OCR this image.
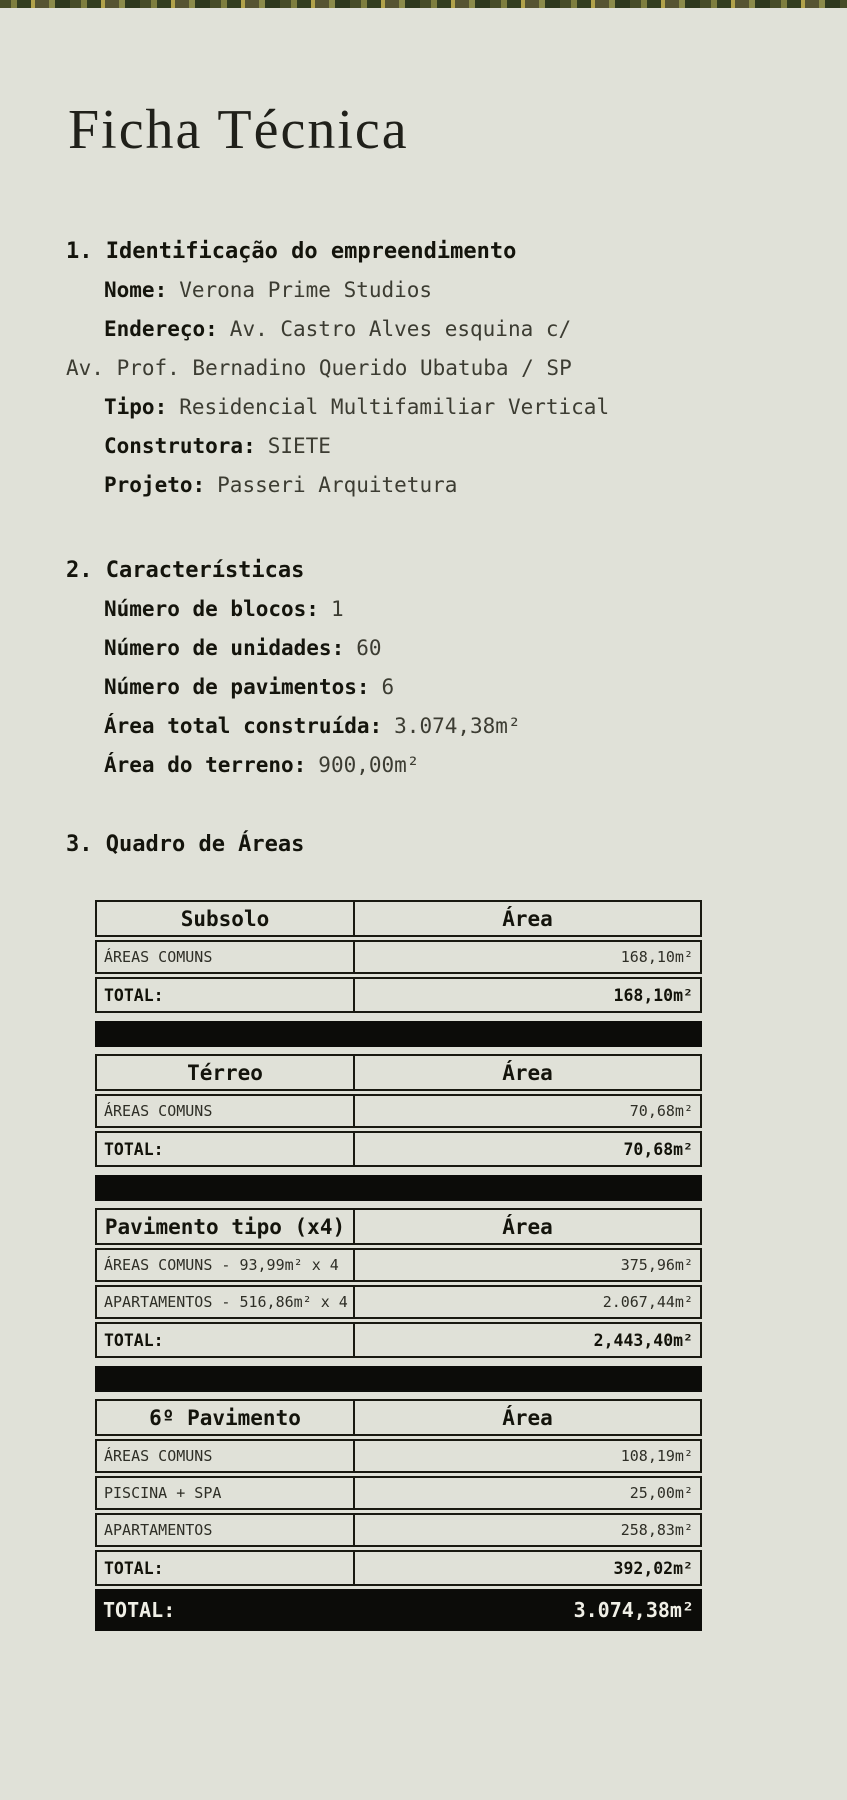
Ficha Técnica
1. Identificação do empreendimento
Nome: Verona Prime Studios
Endereço: Av. Castro Alves esquina c/
Av. Prof. Bernadino Querido Ubatuba / SP
Tipo: Residencial Multifamiliar Vertical
Construtora: SIETE
Projeto: Passeri Arquitetura
2. Características
Número de blocos: 1
Número de unidades: 60
Número de pavimentos: 6
Área total construída: 3.074,38m²
Área do terreno: 900,00m²
3. Quadro de Áreas
Subsolo	Área
ÁREAS COMUNS	168,10m²
TOTAL:	168,10m²
Térreo	Área
ÁREAS COMUNS	70,68m²
TOTAL:	70,68m²
Pavimento tipo (x4)	Área
ÁREAS COMUNS - 93,99m² x 4	375,96m²
APARTAMENTOS - 516,86m² x 4	2.067,44m²
TOTAL:	2,443,40m²
6º Pavimento	Área
ÁREAS COMUNS	108,19m²
PISCINA + SPA	25,00m²
APARTAMENTOS	258,83m²
TOTAL:	392,02m²
TOTAL:	3.074,38m²
